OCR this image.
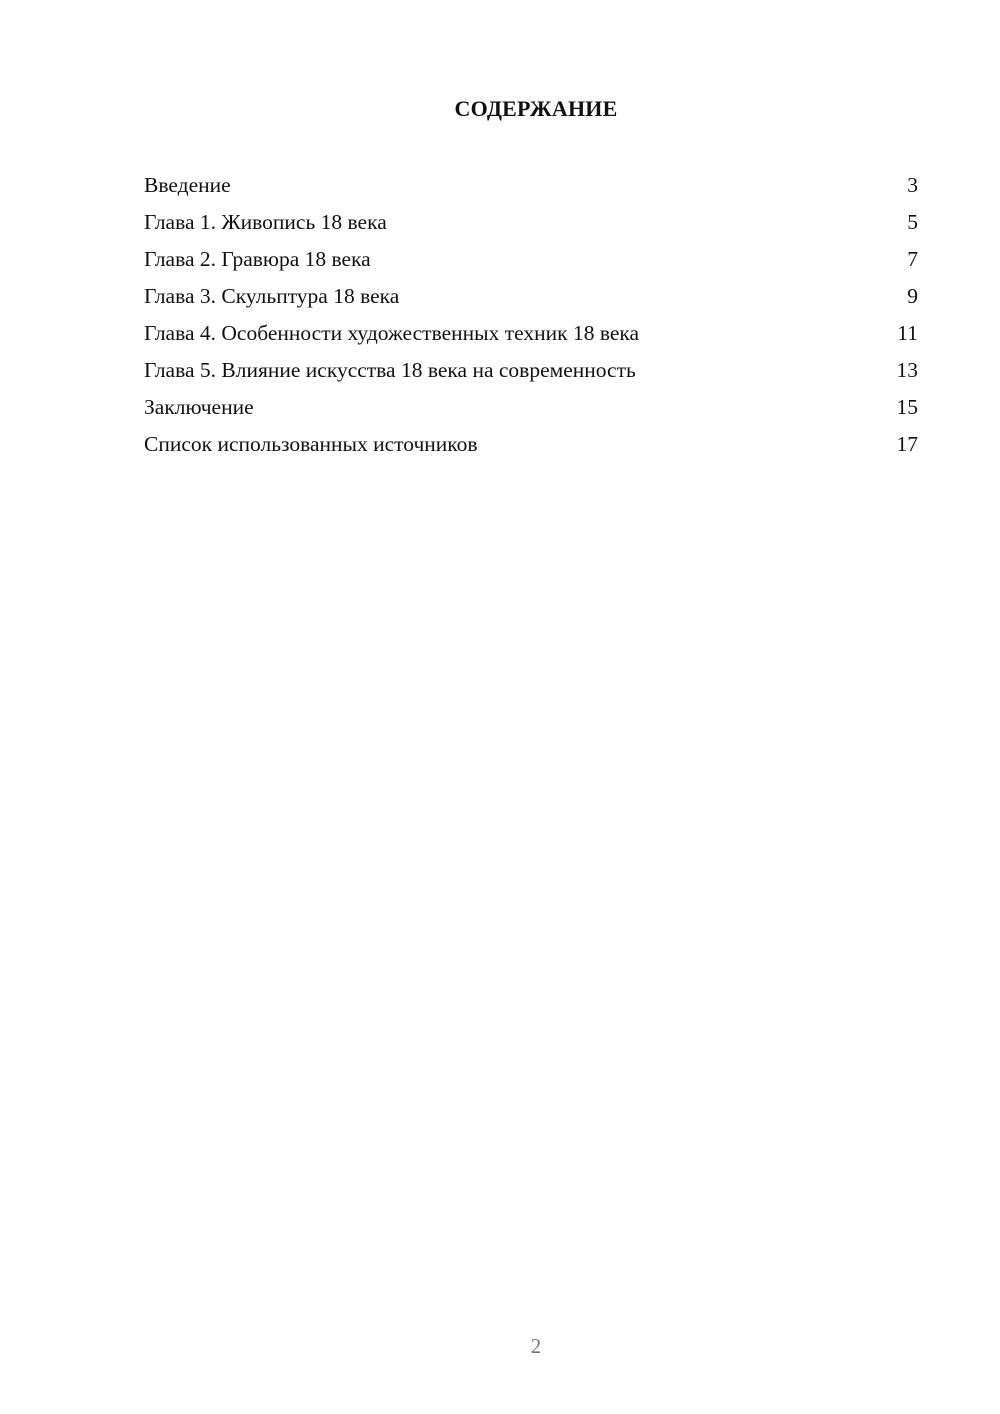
СОДЕРЖАНИЕ
Введение	3
Глава 1. Живопись 18 века	5
Глава 2. Гравюра 18 века	7
Глава 3. Скульптура 18 века	9
Глава 4. Особенности художественных техник 18 века	11
Глава 5. Влияние искусства 18 века на современность	13
Заключение	15
Список использованных источников	17
2
